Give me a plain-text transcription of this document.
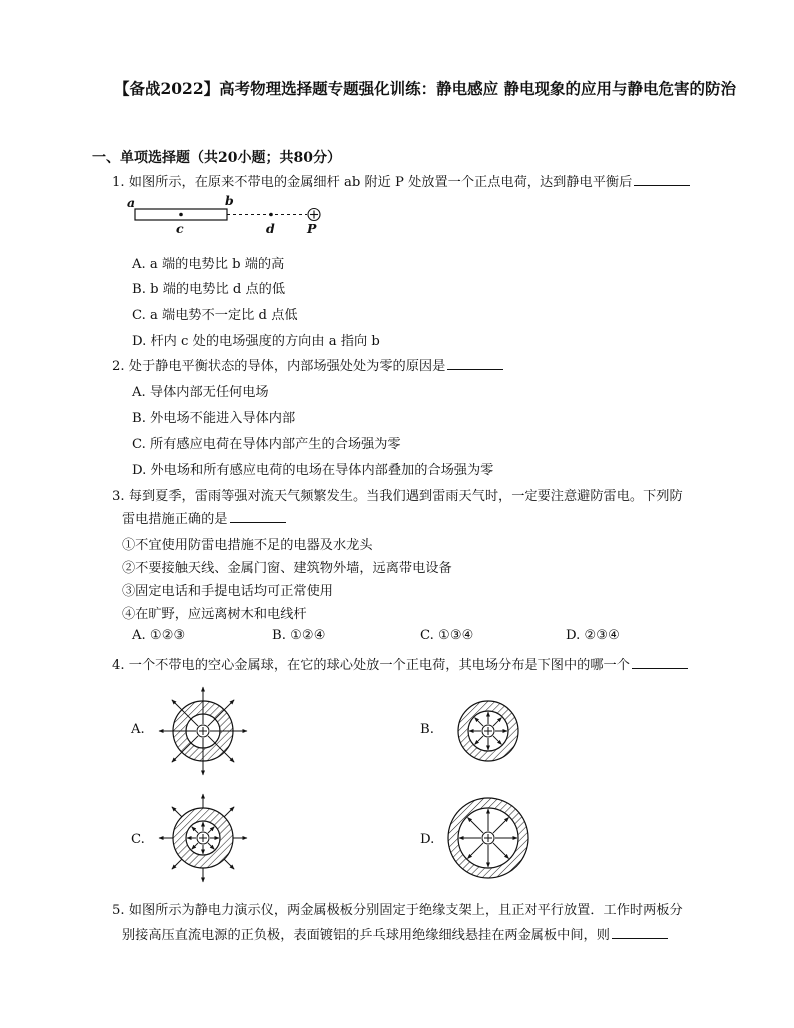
【备战2022】高考物理选择题专题强化训练：静电感应 静电现象的应用与静电危害的防治
一、单项选择题（共20小题；共80分）
1. 如图所示，在原来不带电的金属细杆 ab 附近 P 处放置一个正点电荷，达到静电平衡后
a	b
c	d	P
A. a 端的电势比 b 端的高
B. b 端的电势比 d 点的低
C. a 端电势不一定比 d 点低
D. 杆内 c 处的电场强度的方向由 a 指向 b
2. 处于静电平衡状态的导体，内部场强处处为零的原因是
A. 导体内部无任何电场
B. 外电场不能进入导体内部
C. 所有感应电荷在导体内部产生的合场强为零
D. 外电场和所有感应电荷的电场在导体内部叠加的合场强为零
3. 每到夏季，雷雨等强对流天气频繁发生。当我们遇到雷雨天气时，一定要注意避防雷电。下列防
雷电措施正确的是
①不宜使用防雷电措施不足的电器及水龙头
②不要接触天线、金属门窗、建筑物外墙，远离带电设备
③固定电话和手提电话均可正常使用
④在旷野，应远离树木和电线杆
A. ①②③	B. ①②④	C. ①③④	D. ②③④
4. 一个不带电的空心金属球，在它的球心处放一个正电荷，其电场分布是下图中的哪一个
A.	B.
C.	D.
5. 如图所示为静电力演示仪，两金属极板分别固定于绝缘支架上，且正对平行放置．工作时两板分
别接高压直流电源的正负极，表面镀铝的乒乓球用绝缘细线悬挂在两金属板中间，则
